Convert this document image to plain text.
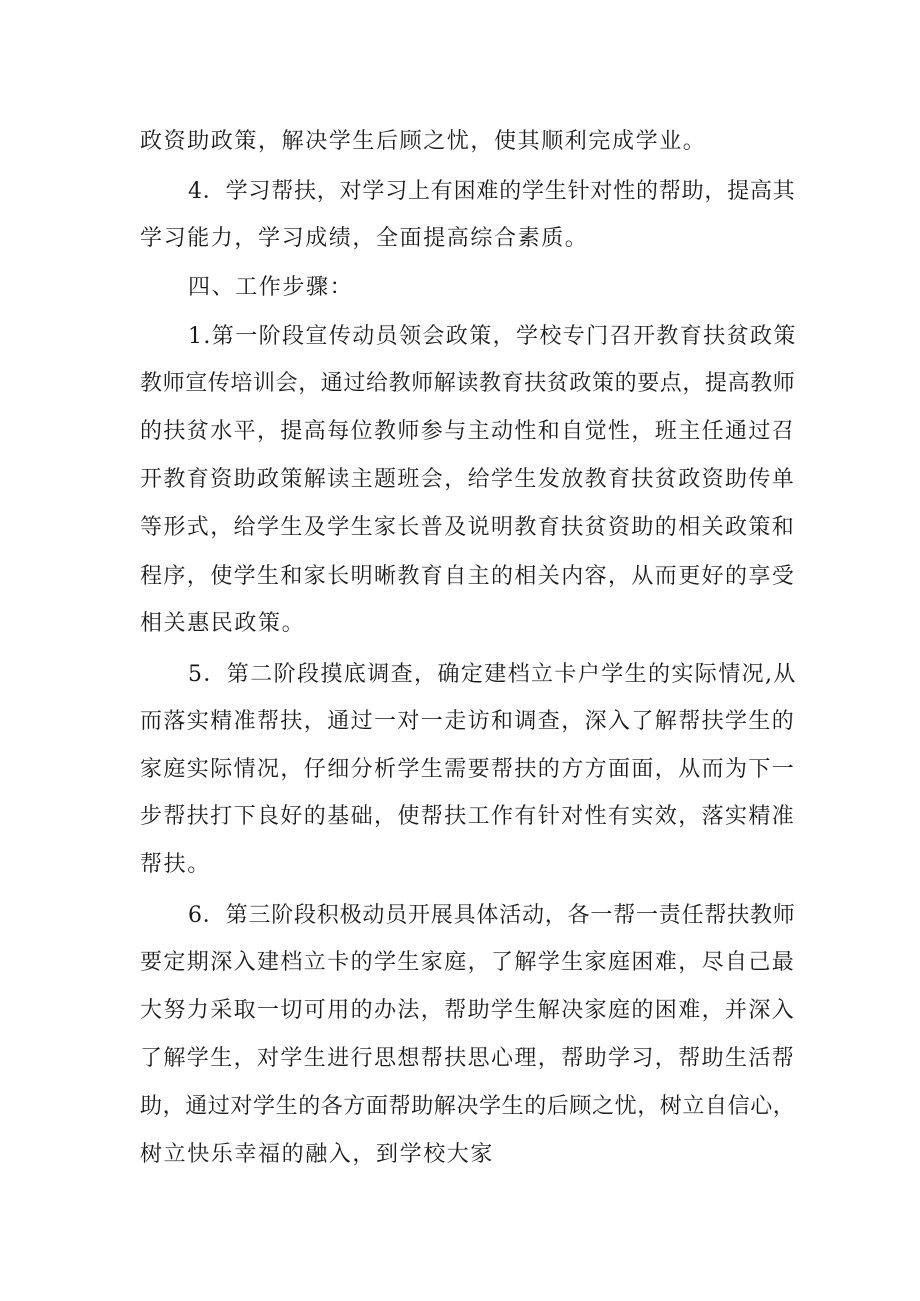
政资助政策，解决学生后顾之忧，使其顺利完成学业。
4．学习帮扶，对学习上有困难的学生针对性的帮助，提高其
学习能力，学习成绩，全面提高综合素质。
四、工作步骤：
1.第一阶段宣传动员领会政策，学校专门召开教育扶贫政策
教师宣传培训会，通过给教师解读教育扶贫政策的要点，提高教师
的扶贫水平，提高每位教师参与主动性和自觉性，班主任通过召
开教育资助政策解读主题班会，给学生发放教育扶贫政资助传单
等形式，给学生及学生家长普及说明教育扶贫资助的相关政策和
程序，使学生和家长明晰教育自主的相关内容，从而更好的享受
相关惠民政策。
5．第二阶段摸底调查，确定建档立卡户学生的实际情况,从
而落实精准帮扶，通过一对一走访和调查，深入了解帮扶学生的
家庭实际情况，仔细分析学生需要帮扶的方方面面，从而为下一
步帮扶打下良好的基础，使帮扶工作有针对性有实效，落实精准
帮扶。
6．第三阶段积极动员开展具体活动，各一帮一责任帮扶教师
要定期深入建档立卡的学生家庭，了解学生家庭困难，尽自己最
大努力采取一切可用的办法，帮助学生解决家庭的困难，并深入
了解学生，对学生进行思想帮扶思心理，帮助学习，帮助生活帮
助，通过对学生的各方面帮助解决学生的后顾之忧，树立自信心，
树立快乐幸福的融入，到学校大家
